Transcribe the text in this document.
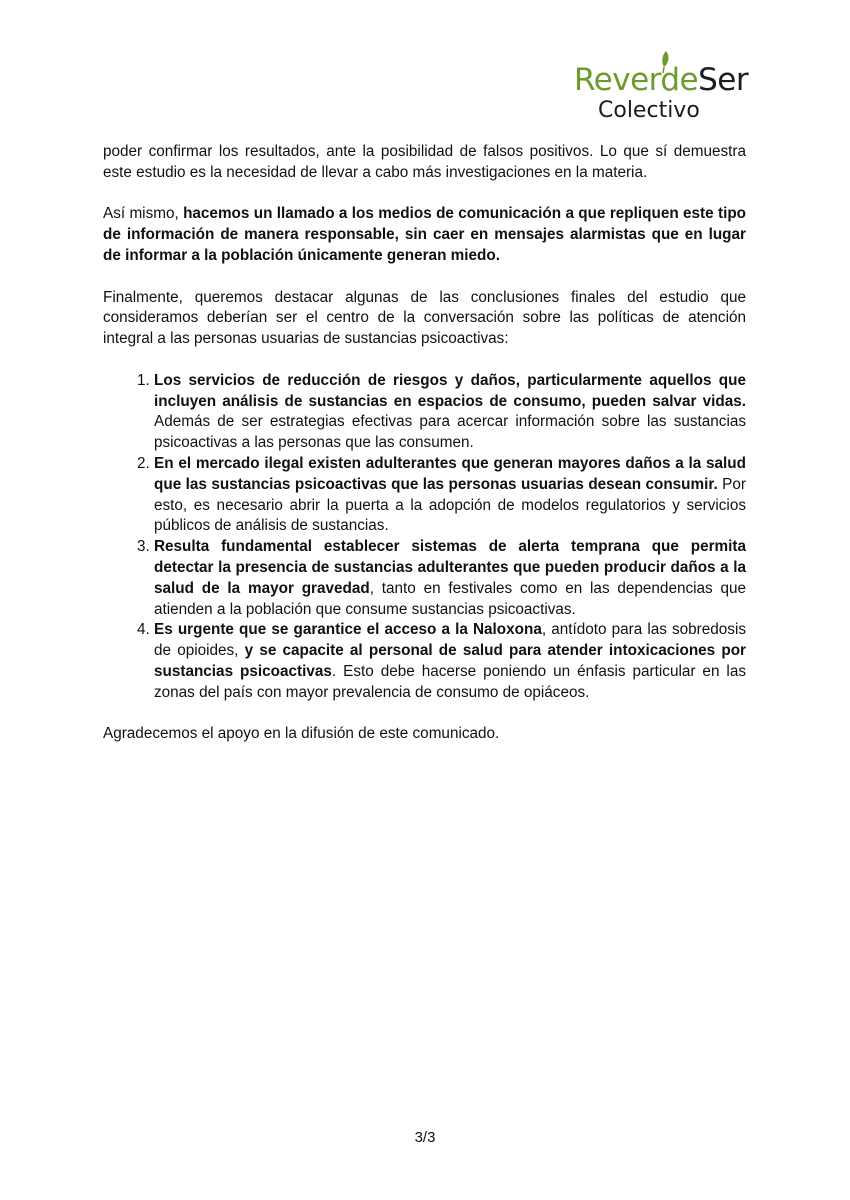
ReverdeSer
Colectivo

poder confirmar los resultados, ante la posibilidad de falsos positivos. Lo que sí demuestra este estudio es la necesidad de llevar a cabo más investigaciones en la materia.

Así mismo, hacemos un llamado a los medios de comunicación a que repliquen este tipo de información de manera responsable, sin caer en mensajes alarmistas que en lugar de informar a la población únicamente generan miedo.

Finalmente, queremos destacar algunas de las conclusiones finales del estudio que consideramos deberían ser el centro de la conversación sobre las políticas de atención integral a las personas usuarias de sustancias psicoactivas:

1. Los servicios de reducción de riesgos y daños, particularmente aquellos que incluyen análisis de sustancias en espacios de consumo, pueden salvar vidas. Además de ser estrategias efectivas para acercar información sobre las sustancias psicoactivas a las personas que las consumen.
2. En el mercado ilegal existen adulterantes que generan mayores daños a la salud que las sustancias psicoactivas que las personas usuarias desean consumir. Por esto, es necesario abrir la puerta a la adopción de modelos regulatorios y servicios públicos de análisis de sustancias.
3. Resulta fundamental establecer sistemas de alerta temprana que permita detectar la presencia de sustancias adulterantes que pueden producir daños a la salud de la mayor gravedad, tanto en festivales como en las dependencias que atienden a la población que consume sustancias psicoactivas.
4. Es urgente que se garantice el acceso a la Naloxona, antídoto para las sobredosis de opioides, y se capacite al personal de salud para atender intoxicaciones por sustancias psicoactivas. Esto debe hacerse poniendo un énfasis particular en las zonas del país con mayor prevalencia de consumo de opiáceos.

Agradecemos el apoyo en la difusión de este comunicado.

3/3
